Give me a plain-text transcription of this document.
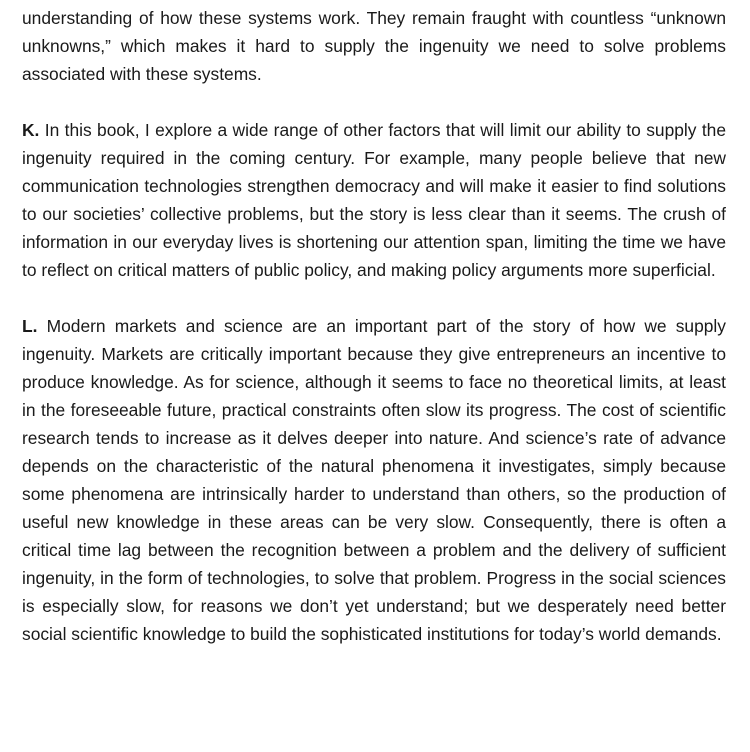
understanding of how these systems work. They remain fraught with countless “unknown unknowns,” which makes it hard to supply the ingenuity we need to solve problems associated with these systems.

K. In this book, I explore a wide range of other factors that will limit our ability to supply the ingenuity required in the coming century. For example, many people believe that new communication technologies strengthen democracy and will make it easier to find solutions to our societies’ collective problems, but the story is less clear than it seems. The crush of information in our everyday lives is shortening our attention span, limiting the time we have to reflect on critical matters of public policy, and making policy arguments more superficial.

L. Modern markets and science are an important part of the story of how we supply ingenuity. Markets are critically important because they give entrepreneurs an incentive to produce knowledge. As for science, although it seems to face no theoretical limits, at least in the foreseeable future, practical constraints often slow its progress. The cost of scientific research tends to increase as it delves deeper into nature. And science’s rate of advance depends on the characteristic of the natural phenomena it investigates, simply because some phenomena are intrinsically harder to understand than others, so the production of useful new knowledge in these areas can be very slow. Consequently, there is often a critical time lag between the recognition between a problem and the delivery of sufficient ingenuity, in the form of technologies, to solve that problem. Progress in the social sciences is especially slow, for reasons we don’t yet understand; but we desperately need better social scientific knowledge to build the sophisticated institutions for today’s world demands.
